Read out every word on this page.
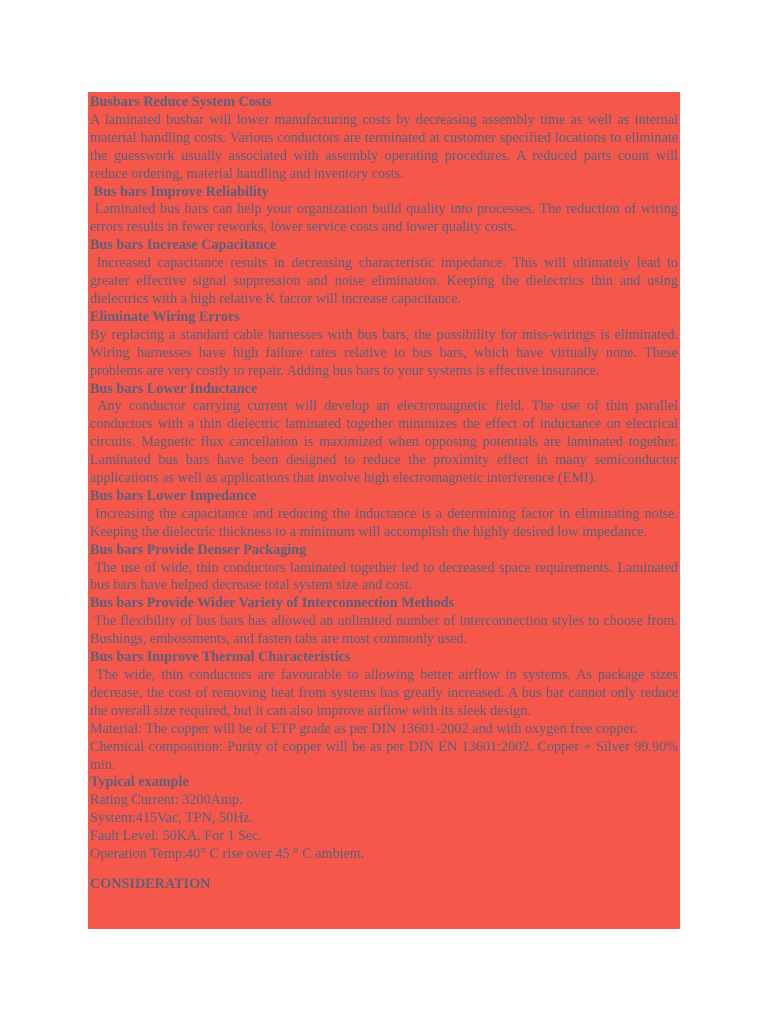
Busbars Reduce System Costs
A laminated busbar will lower manufacturing costs by decreasing assembly time as well as internal material handling costs. Various conductors are terminated at customer specified locations to eliminate the guesswork usually associated with assembly operating procedures. A reduced parts count will reduce ordering, material handling and inventory costs.
Bus bars Improve Reliability
Laminated bus bars can help your organization build quality into processes. The reduction of wiring errors results in fewer reworks, lower service costs and lower quality costs.
Bus bars Increase Capacitance
Increased capacitance results in decreasing characteristic impedance. This will ultimately lead to greater effective signal suppression and noise elimination. Keeping the dielectrics thin and using dielectrics with a high relative K factor will increase capacitance.
Eliminate Wiring Errors
By replacing a standard cable harnesses with bus bars, the possibility for miss-wirings is eliminated. Wiring harnesses have high failure rates relative to bus bars, which have virtually none. These problems are very costly to repair. Adding bus bars to your systems is effective insurance.
Bus bars Lower Inductance
Any conductor carrying current will develop an electromagnetic field. The use of thin parallel conductors with a thin dielectric laminated together minimizes the effect of inductance on electrical circuits. Magnetic flux cancellation is maximized when opposing potentials are laminated together. Laminated bus bars have been designed to reduce the proximity effect in many semiconductor applications as well as applications that involve high electromagnetic interference (EMI).
Bus bars Lower Impedance
Increasing the capacitance and reducing the inductance is a determining factor in eliminating noise. Keeping the dielectric thickness to a minimum will accomplish the highly desired low impedance.
Bus bars Provide Denser Packaging
The use of wide, thin conductors laminated together led to decreased space requirements. Laminated bus bars have helped decrease total system size and cost.
Bus bars Provide Wider Variety of Interconnection Methods
The flexibility of bus bars has allowed an unlimited number of interconnection styles to choose from. Bushings, embossments, and fasten tabs are most commonly used.
Bus bars Improve Thermal Characteristics
The wide, thin conductors are favourable to allowing better airflow in systems. As package sizes decrease, the cost of removing heat from systems has greatly increased. A bus bar cannot only reduce the overall size required, but it can also improve airflow with its sleek design.
Material: The copper will be of ETP grade as per DIN 13601-2002 and with oxygen free copper.
Chemical composition: Purity of copper will be as per DIN EN 13601:2002. Copper + Silver 99.90% min.
Typical example
Rating Current: 3200Amp.
System:415Vac, TPN, 50Hz.
Fault Level: 50KA. For 1 Sec.
Operation Temp:40° C rise over 45 ° C ambient.
CONSIDERATION
